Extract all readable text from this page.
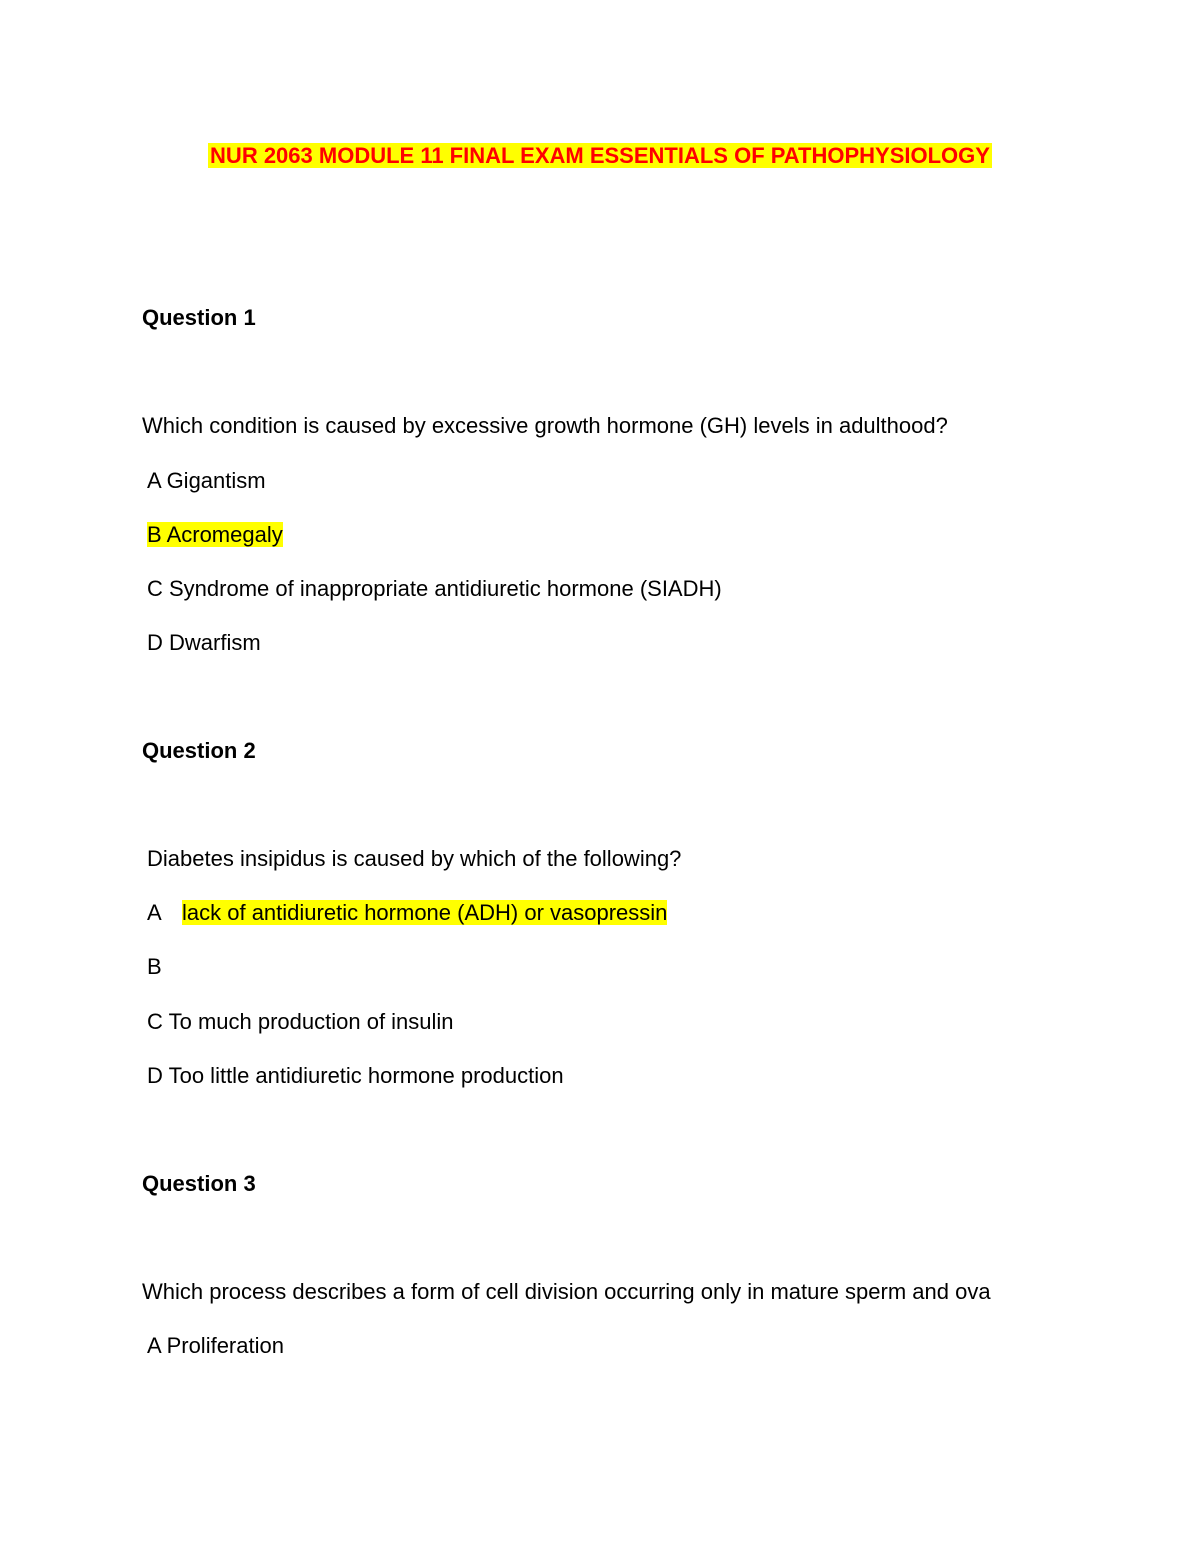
NUR 2063 MODULE 11 FINAL EXAM ESSENTIALS OF PATHOPHYSIOLOGY
Question 1
Which condition is caused by excessive growth hormone (GH) levels in adulthood?
A Gigantism
B Acromegaly
C Syndrome of inappropriate antidiuretic hormone (SIADH)
D Dwarfism
Question 2
Diabetes insipidus is caused by which of the following?
A lack of antidiuretic hormone (ADH) or vasopressin
B
C To much production of insulin
D Too little antidiuretic hormone production
Question 3
Which process describes a form of cell division occurring only in mature sperm and ova
A Proliferation
